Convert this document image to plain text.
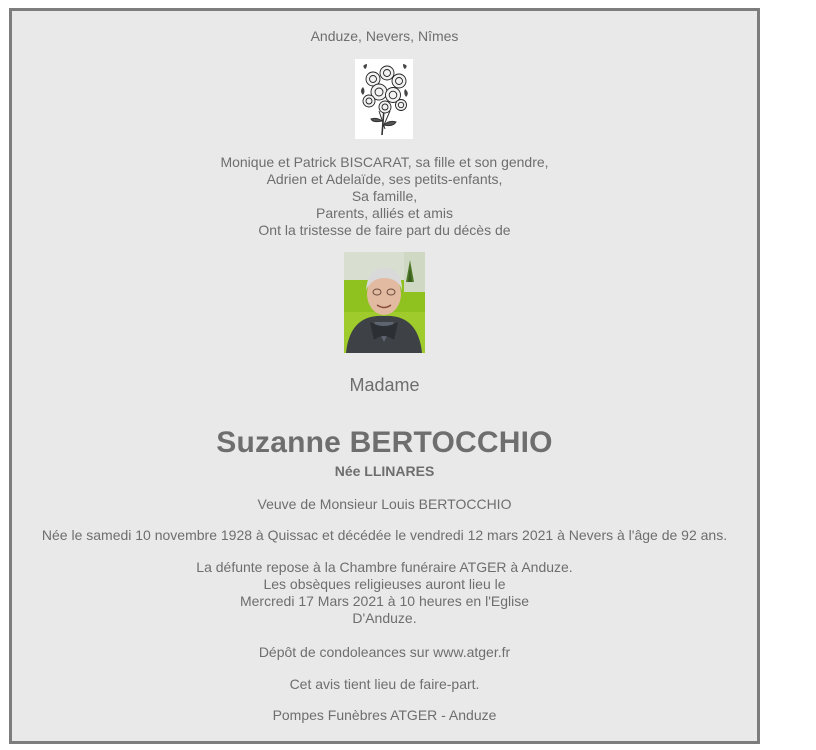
Anduze, Nevers, Nîmes
Monique et Patrick BISCARAT, sa fille et son gendre,
Adrien et Adelaïde, ses petits-enfants,
Sa famille,
Parents, alliés et amis
Ont la tristesse de faire part du décès de
Madame
Suzanne BERTOCCHIO
Née LLINARES
Veuve de Monsieur Louis BERTOCCHIO
Née le samedi 10 novembre 1928 à Quissac et décédée le vendredi 12 mars 2021 à Nevers à l'âge de 92 ans.
La défunte repose à la Chambre funéraire ATGER à Anduze.
Les obsèques religieuses auront lieu le
Mercredi 17 Mars 2021 à 10 heures en l'Eglise
D'Anduze.
Dépôt de condoleances sur www.atger.fr
Cet avis tient lieu de faire-part.
Pompes Funèbres ATGER - Anduze
